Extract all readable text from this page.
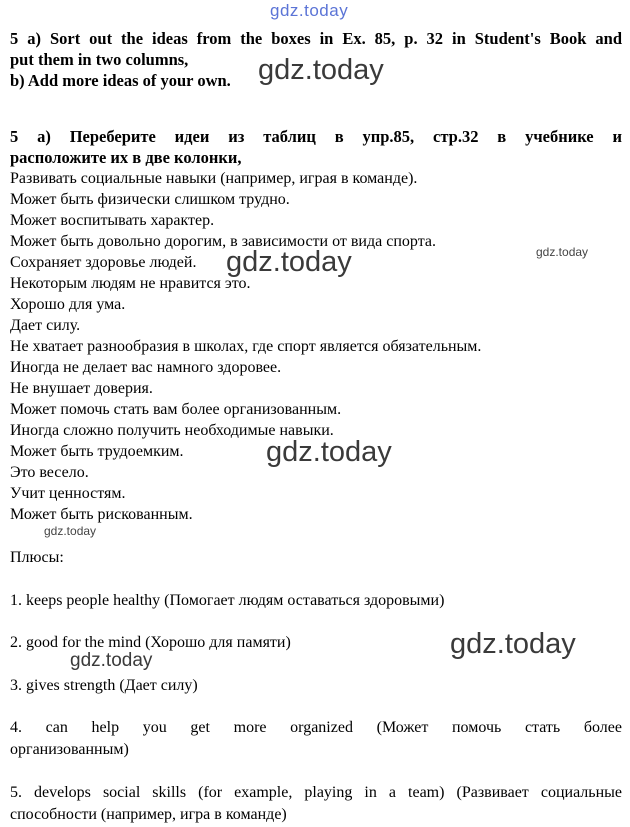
gdz.today
gdz.today
gdz.today	gdz.today
gdz.today
gdz.today
gdz.today
gdz.today
5 a) Sort out the ideas from the boxes in Ex. 85, p. 32 in Student's Book and
put them in two columns,
b) Add more ideas of your own.
5 а) Переберите идеи из таблиц в упр.85, стр.32 в учебнике и
расположите их в две колонки,
Развивать социальные навыки (например, играя в команде).
Может быть физически слишком трудно.
Может воспитывать характер.
Может быть довольно дорогим, в зависимости от вида спорта.
Сохраняет здоровье людей.
Некоторым людям не нравится это.
Хорошо для ума.
Дает силу.
Не хватает разнообразия в школах, где спорт является обязательным.
Иногда не делает вас намного здоровее.
Не внушает доверия.
Может помочь стать вам более организованным.
Иногда сложно получить необходимые навыки.
Может быть трудоемким.
Это весело.
Учит ценностям.
Может быть рискованным.
Плюсы:
1. keeps people healthy (Помогает людям оставаться здоровыми)
2. good for the mind (Хорошо для памяти)
3. gives strength (Дает силу)
4. can help you get more organized (Может помочь стать более
организованным)
5. develops social skills (for example, playing in a team) (Развивает социальные
способности (например, игра в команде)
